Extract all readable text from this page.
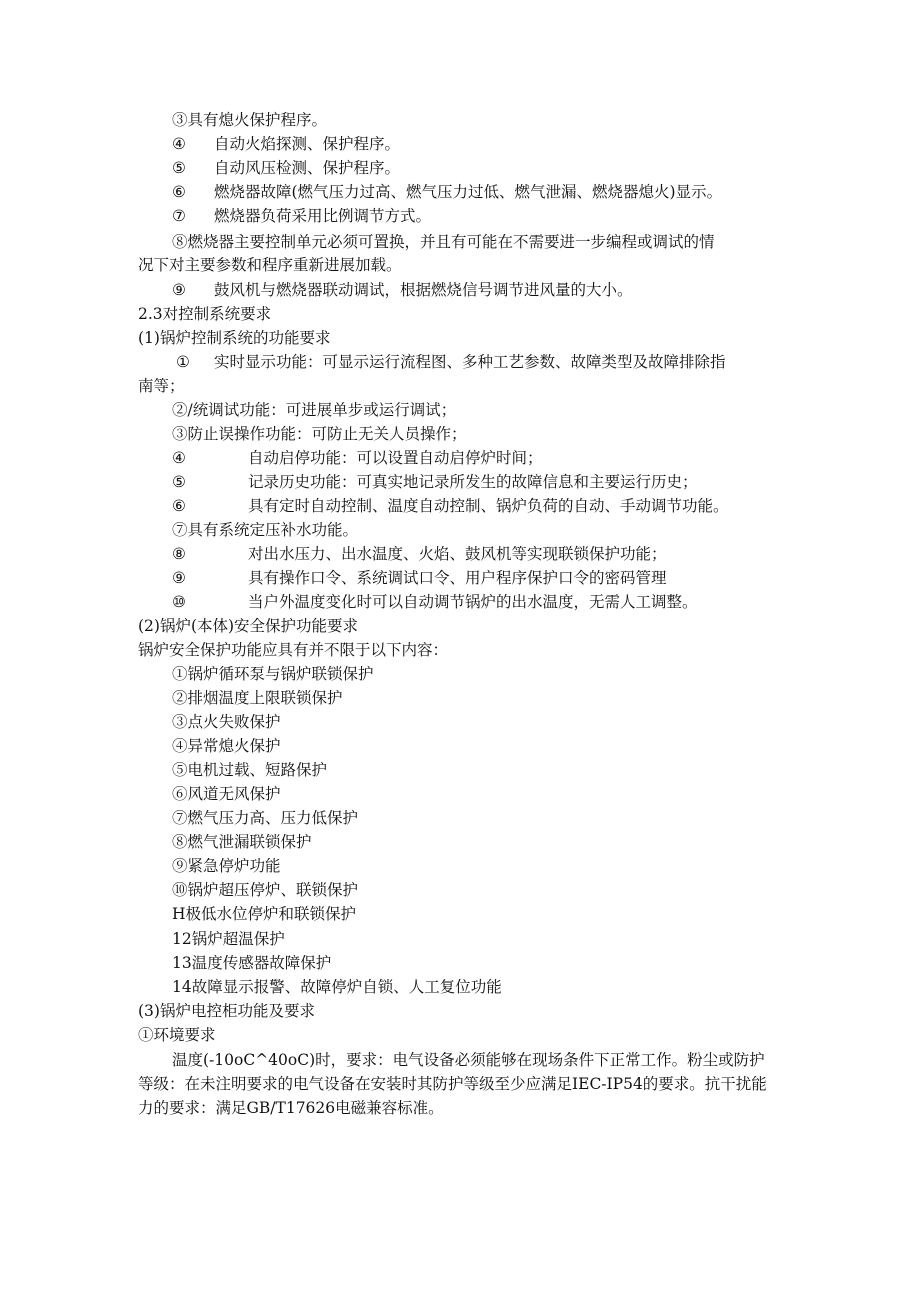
③具有熄火保护程序。
④ 自动火焰探测、保护程序。
⑤ 自动风压检测、保护程序。
⑥ 燃烧器故障(燃气压力过高、燃气压力过低、燃气泄漏、燃烧器熄火)显示。
⑦ 燃烧器负荷采用比例调节方式。
⑧燃烧器主要控制单元必须可置换，并且有可能在不需要进一步编程或调试的情
况下对主要参数和程序重新进展加载。
⑨ 鼓风机与燃烧器联动调试，根据燃烧信号调节进风量的大小。
2.3对控制系统要求
(1)锅炉控制系统的功能要求
① 实时显示功能：可显示运行流程图、多种工艺参数、故障类型及故障排除指
南等；
②/统调试功能：可进展单步或运行调试；
③防止误操作功能：可防止无关人员操作；
④	自动启停功能：可以设置自动启停炉时间；
⑤	记录历史功能：可真实地记录所发生的故障信息和主要运行历史；
⑥	具有定时自动控制、温度自动控制、锅炉负荷的自动、手动调节功能。
⑦具有系统定压补水功能。
⑧	对出水压力、出水温度、火焰、鼓风机等实现联锁保护功能；
⑨	具有操作口令、系统调试口令、用户程序保护口令的密码管理
⑩	当户外温度变化时可以自动调节锅炉的出水温度，无需人工调整。
(2)锅炉(本体)安全保护功能要求
锅炉安全保护功能应具有并不限于以下内容：
①锅炉循环泵与锅炉联锁保护
②排烟温度上限联锁保护
③点火失败保护
④异常熄火保护
⑤电机过载、短路保护
⑥风道无风保护
⑦燃气压力高、压力低保护
⑧燃气泄漏联锁保护
⑨紧急停炉功能
⑩锅炉超压停炉、联锁保护
H极低水位停炉和联锁保护
12锅炉超温保护
13温度传感器故障保护
14故障显示报警、故障停炉自锁、人工复位功能
(3)锅炉电控柜功能及要求
①环境要求
温度(-10oC^40oC)时，要求：电气设备必须能够在现场条件下正常工作。粉尘或防护等级：在未注明要求的电气设备在安装时其防护等级至少应满足IEC-IP54的要求。抗干扰能力的要求：满足GB/T17626电磁兼容标准。
